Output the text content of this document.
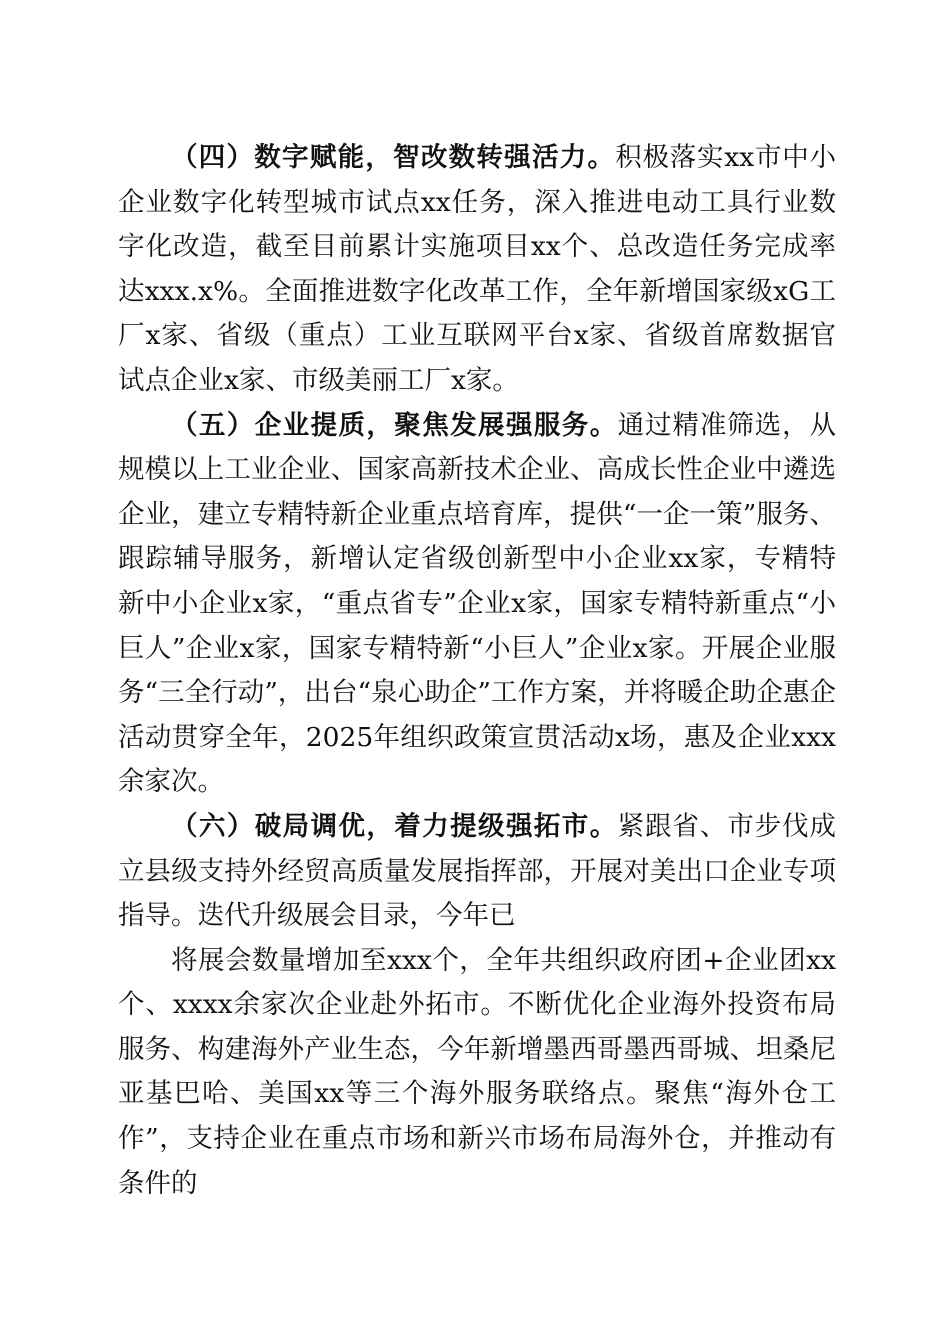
（四）数字赋能，智改数转强活力。积极落实xx市中小企业数字化转型城市试点xx任务，深入推进电动工具行业数字化改造，截至目前累计实施项目xx个、总改造任务完成率达xxx.x%。全面推进数字化改革工作，全年新增国家级xG工厂x家、省级（重点）工业互联网平台x家、省级首席数据官试点企业x家、市级美丽工厂x家。

（五）企业提质，聚焦发展强服务。通过精准筛选，从规模以上工业企业、国家高新技术企业、高成长性企业中遴选企业，建立专精特新企业重点培育库，提供“一企一策”服务、跟踪辅导服务，新增认定省级创新型中小企业xx家，专精特新中小企业x家，“重点省专”企业x家，国家专精特新重点“小巨人”企业x家，国家专精特新“小巨人”企业x家。开展企业服务“三全行动”，出台“泉心助企”工作方案，并将暖企助企惠企活动贯穿全年，2025年组织政策宣贯活动x场，惠及企业xxx余家次。

（六）破局调优，着力提级强拓市。紧跟省、市步伐成立县级支持外经贸高质量发展指挥部，开展对美出口企业专项指导。迭代升级展会目录，今年已

将展会数量增加至xxx个，全年共组织政府团+企业团xx个、xxxx余家次企业赴外拓市。不断优化企业海外投资布局服务、构建海外产业生态，今年新增墨西哥墨西哥城、坦桑尼亚基巴哈、美国xx等三个海外服务联络点。聚焦“海外仓工作”，支持企业在重点市场和新兴市场布局海外仓，并推动有条件的
